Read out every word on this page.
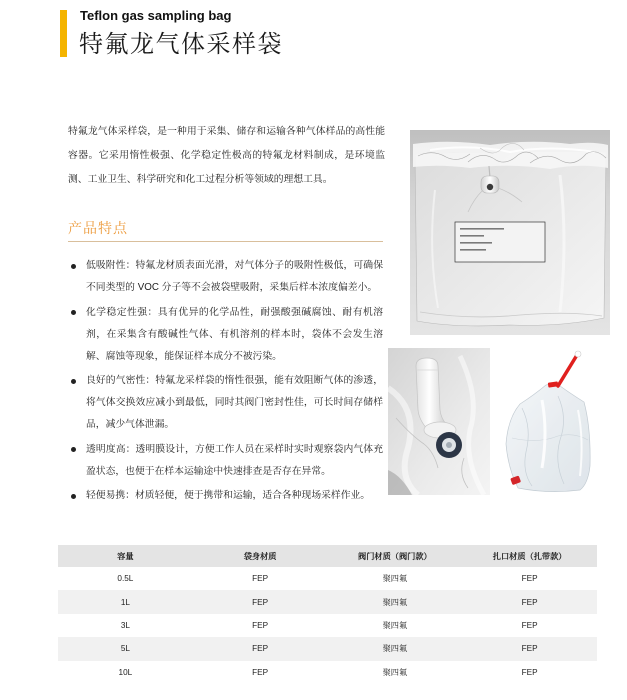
Teflon gas sampling bag
特氟龙气体采样袋

特氟龙气体采样袋，是一种用于采集、储存和运输各种气体样品的高性能容器。它采用惰性极强、化学稳定性极高的特氟龙材料制成，是环境监测、工业卫生、科学研究和化工过程分析等领域的理想工具。

产品特点
低吸附性：特氟龙材质表面光滑，对气体分子的吸附性极低，可确保不同类型的 VOC 分子等不会被袋壁吸附，采集后样本浓度偏差小。
化学稳定性强：具有优异的化学品性，耐强酸强碱腐蚀、耐有机溶剂，在采集含有酸碱性气体、有机溶剂的样本时，袋体不会发生溶解、腐蚀等现象，能保证样本成分不被污染。
良好的气密性：特氟龙采样袋的惰性很强，能有效阻断气体的渗透，将气体交换效应减小到最低，同时其阀门密封性佳，可长时间存储样品，减少气体泄漏。
透明度高：透明膜设计，方便工作人员在采样时实时观察袋内气体充盈状态，也便于在样本运输途中快速排查是否存在异常。
轻便易携：材质轻便，便于携带和运输，适合各种现场采样作业。
容量	袋身材质	阀门材质（阀门款）	扎口材质（扎带款）
0.5L	FEP	聚四氟	FEP
1L	FEP	聚四氟	FEP
3L	FEP	聚四氟	FEP
5L	FEP	聚四氟	FEP
10L	FEP	聚四氟	FEP
